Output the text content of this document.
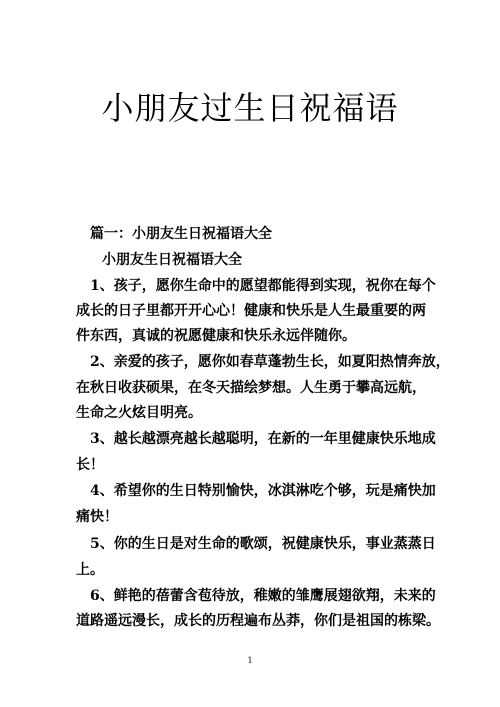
小朋友过生日祝福语
篇一：小朋友生日祝福语大全
小朋友生日祝福语大全
1、孩子，愿你生命中的愿望都能得到实现，祝你在每个
成长的日子里都开开心心！健康和快乐是人生最重要的两
件东西，真诚的祝愿健康和快乐永远伴随你。
2、亲爱的孩子，愿你如春草蓬勃生长，如夏阳热情奔放，
在秋日收获硕果，在冬天描绘梦想。人生勇于攀高远航，
生命之火炫目明亮。
3、越长越漂亮越长越聪明，在新的一年里健康快乐地成
长！
4、希望你的生日特别愉快，冰淇淋吃个够，玩是痛快加
痛快！
5、你的生日是对生命的歌颂，祝健康快乐，事业蒸蒸日
上。
6、鲜艳的蓓蕾含苞待放，稚嫩的雏鹰展翅欲翔，未来的
道路遥远漫长，成长的历程遍布丛莽，你们是祖国的栋梁。
1
